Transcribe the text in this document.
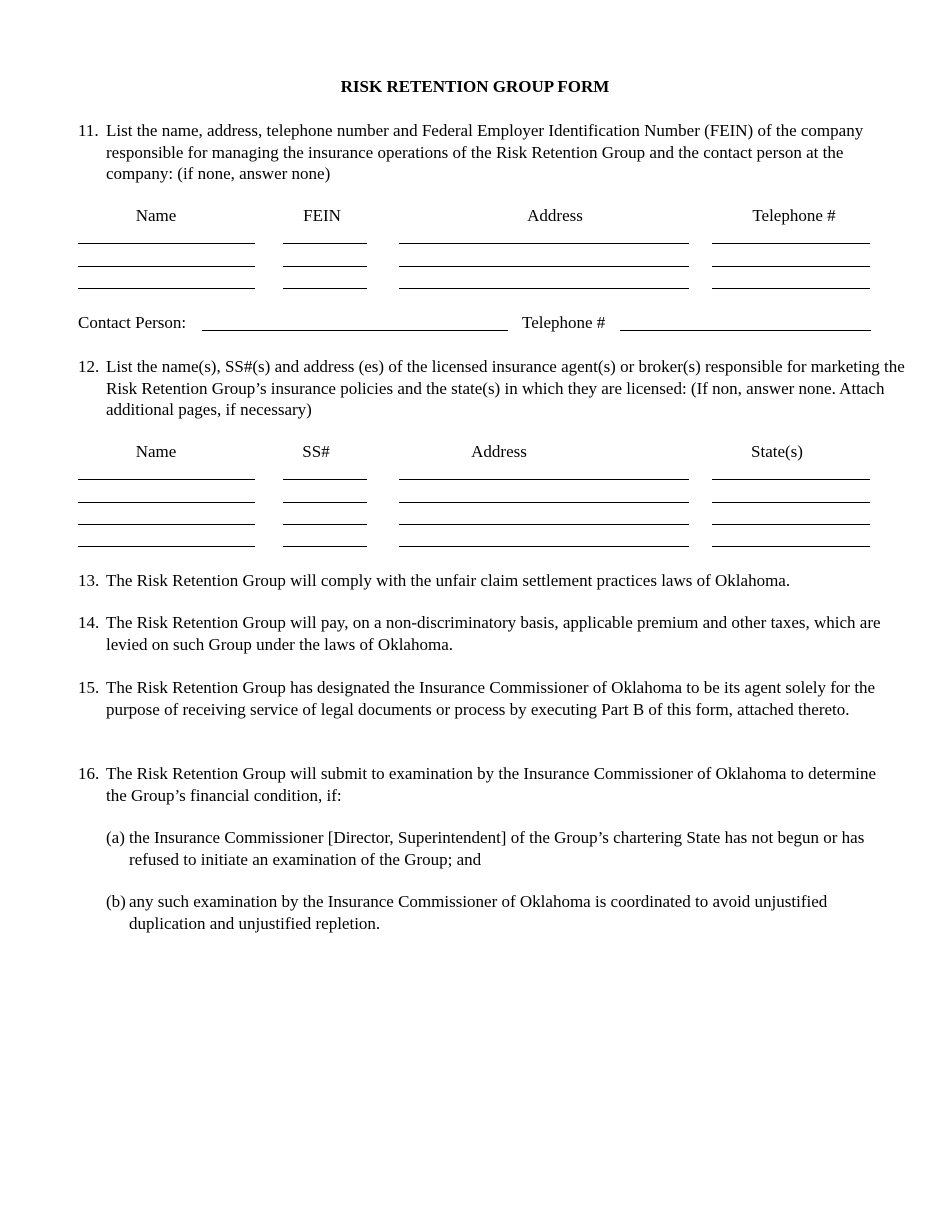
RISK RETENTION GROUP FORM
11. List the name, address, telephone number and Federal Employer Identification Number (FEIN) of the company responsible for managing the insurance operations of the Risk Retention Group and the contact person at the company: (if none, answer none)
Name	FEIN	Address	Telephone #
Contact Person:	Telephone #
12. List the name(s), SS#(s) and address (es) of the licensed insurance agent(s) or broker(s) responsible for marketing the Risk Retention Group’s insurance policies and the state(s) in which they are licensed: (If non, answer none. Attach additional pages, if necessary)
Name	SS#	Address	State(s)
13. The Risk Retention Group will comply with the unfair claim settlement practices laws of Oklahoma.
14. The Risk Retention Group will pay, on a non-discriminatory basis, applicable premium and other taxes, which are levied on such Group under the laws of Oklahoma.
15. The Risk Retention Group has designated the Insurance Commissioner of Oklahoma to be its agent solely for the purpose of receiving service of legal documents or process by executing Part B of this form, attached thereto.
16. The Risk Retention Group will submit to examination by the Insurance Commissioner of Oklahoma to determine the Group’s financial condition, if:
(a) the Insurance Commissioner [Director, Superintendent] of the Group’s chartering State has not begun or has refused to initiate an examination of the Group; and
(b) any such examination by the Insurance Commissioner of Oklahoma is coordinated to avoid unjustified duplication and unjustified repletion.
